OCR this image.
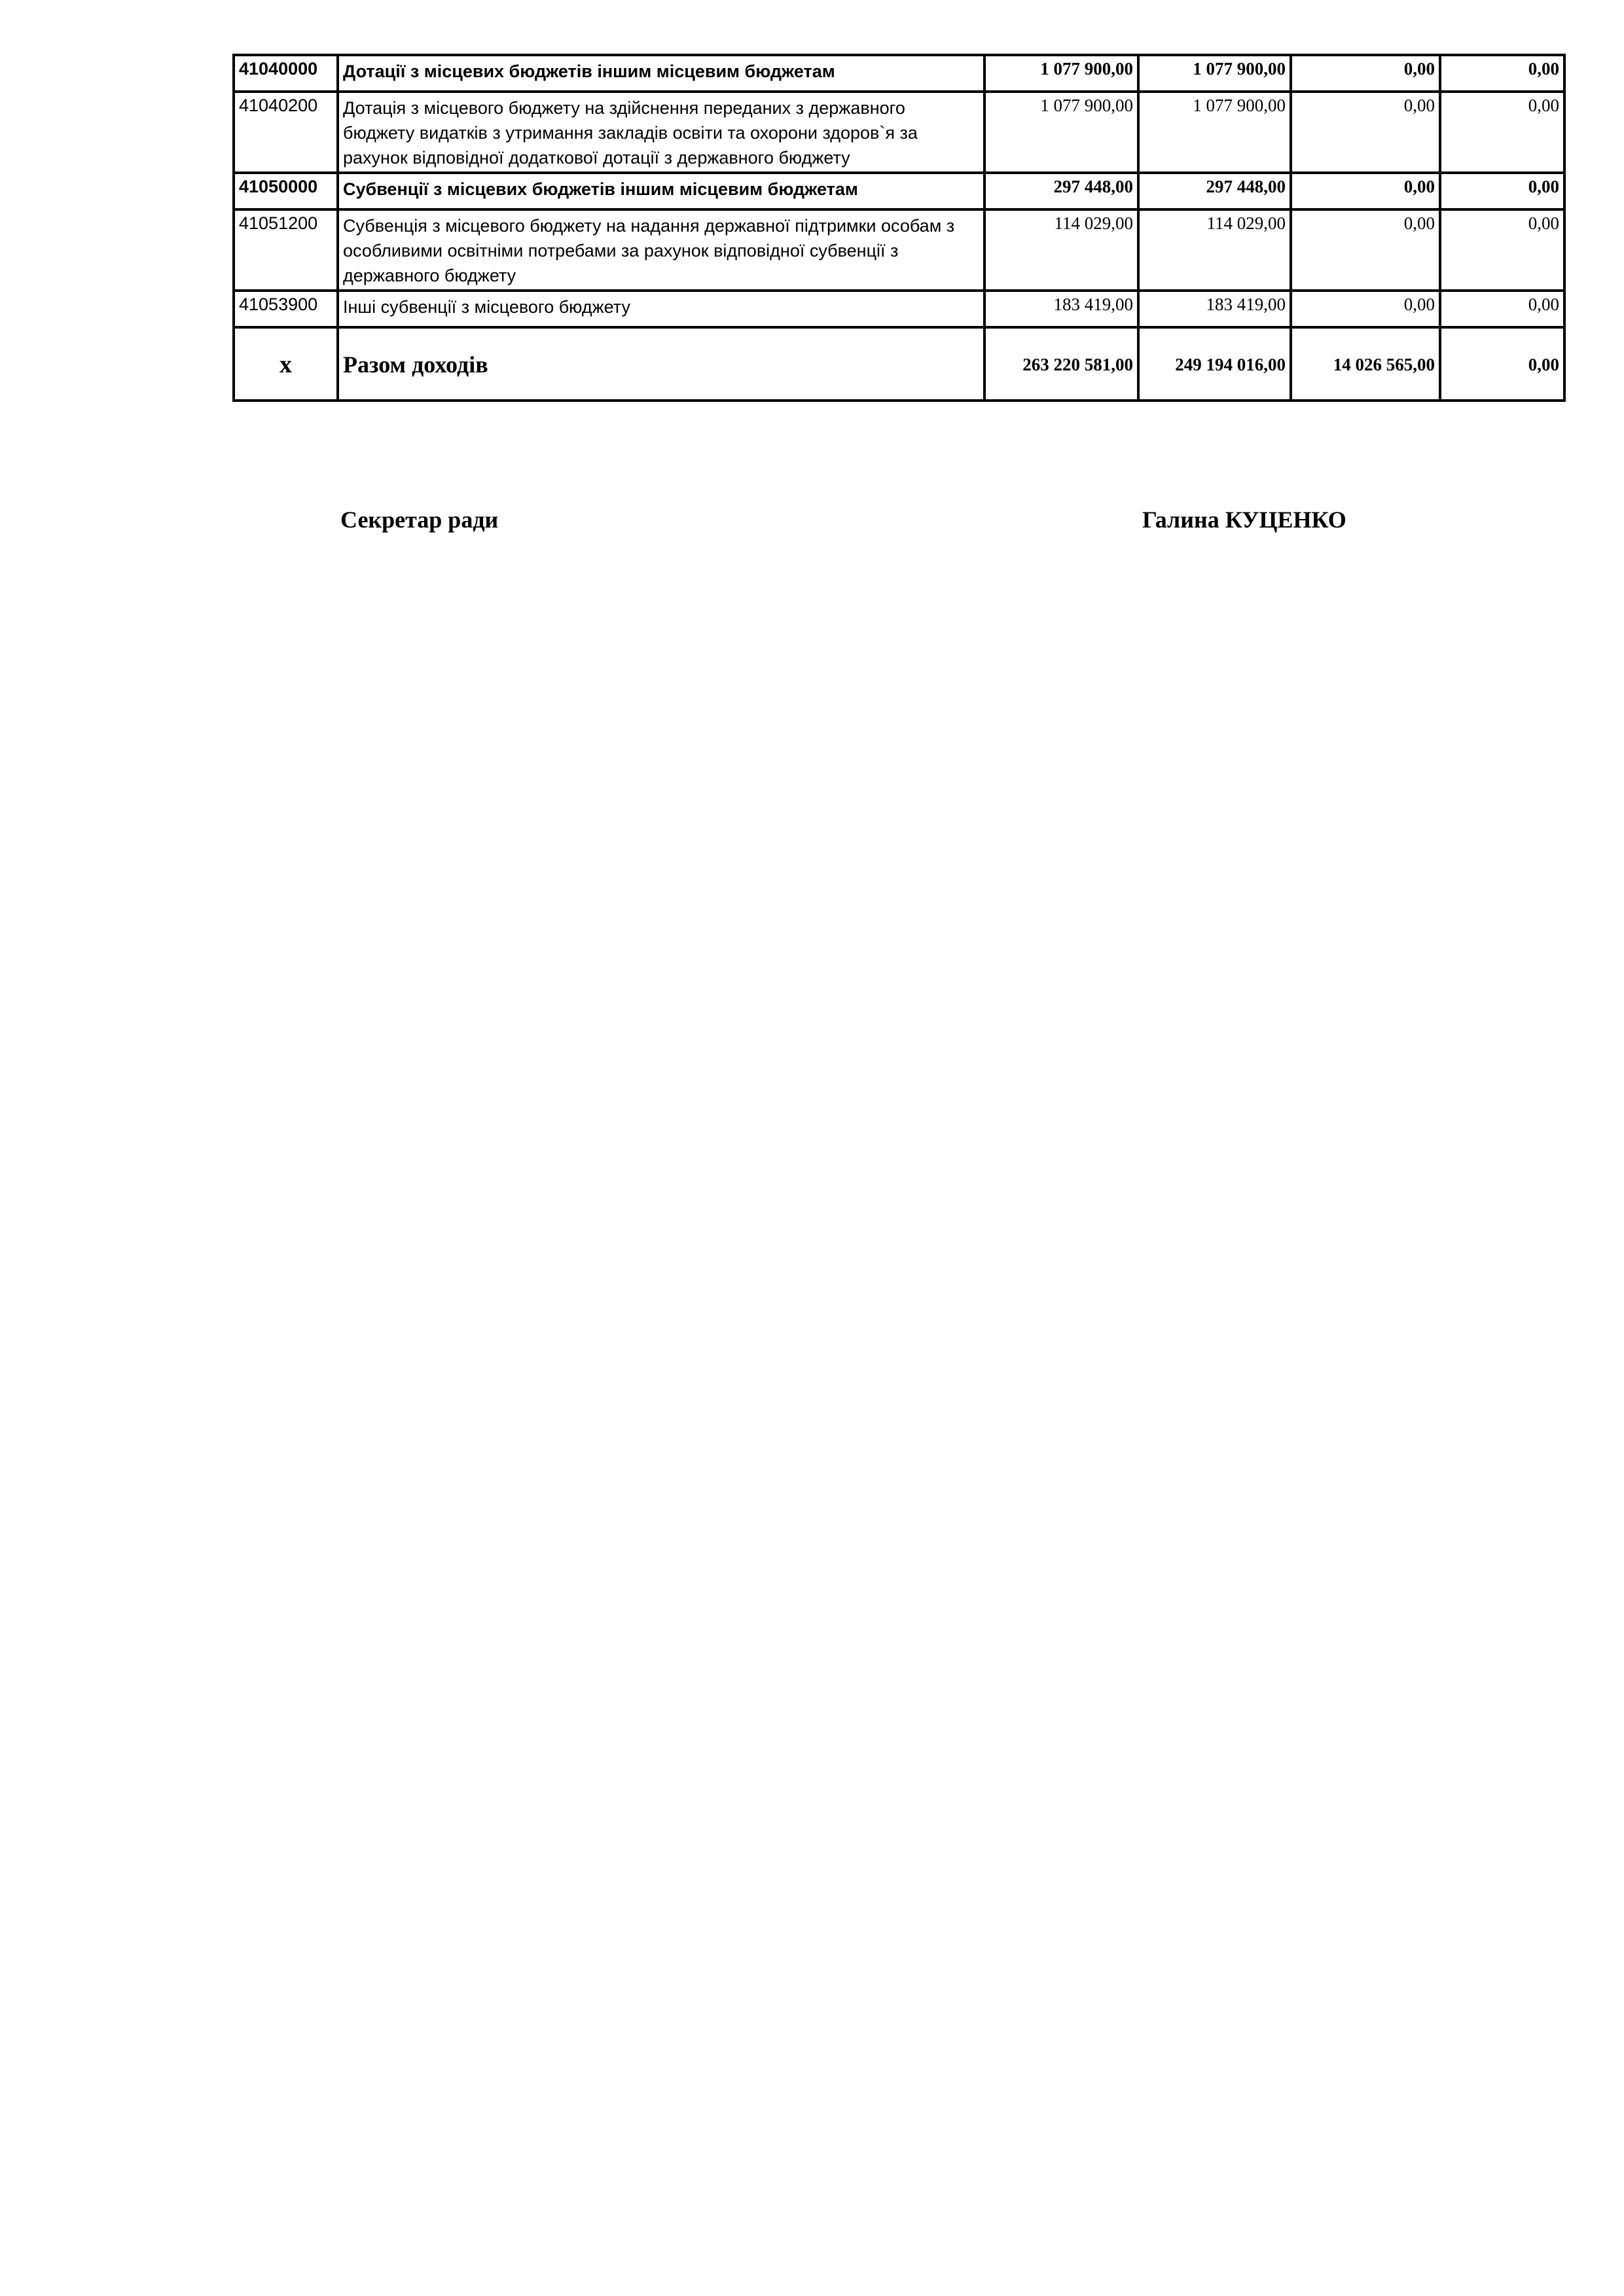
41040000	Дотації з місцевих бюджетів іншим місцевим бюджетам	1 077 900,00	1 077 900,00	0,00	0,00
41040200	Дотація з місцевого бюджету на здійснення переданих з державного бюджету видатків з утримання закладів освіти та охорони здоров`я за рахунок відповідної додаткової дотації з державного бюджету	1 077 900,00	1 077 900,00	0,00	0,00
41050000	Субвенції з місцевих бюджетів іншим місцевим бюджетам	297 448,00	297 448,00	0,00	0,00
41051200	Субвенція з місцевого бюджету на надання державної підтримки особам з особливими освітніми потребами за рахунок відповідної субвенції з державного бюджету	114 029,00	114 029,00	0,00	0,00
41053900	Інші субвенції з місцевого бюджету	183 419,00	183 419,00	0,00	0,00
x	Разом доходів	263 220 581,00	249 194 016,00	14 026 565,00	0,00
Секретар ради	Галина КУЦЕНКО
